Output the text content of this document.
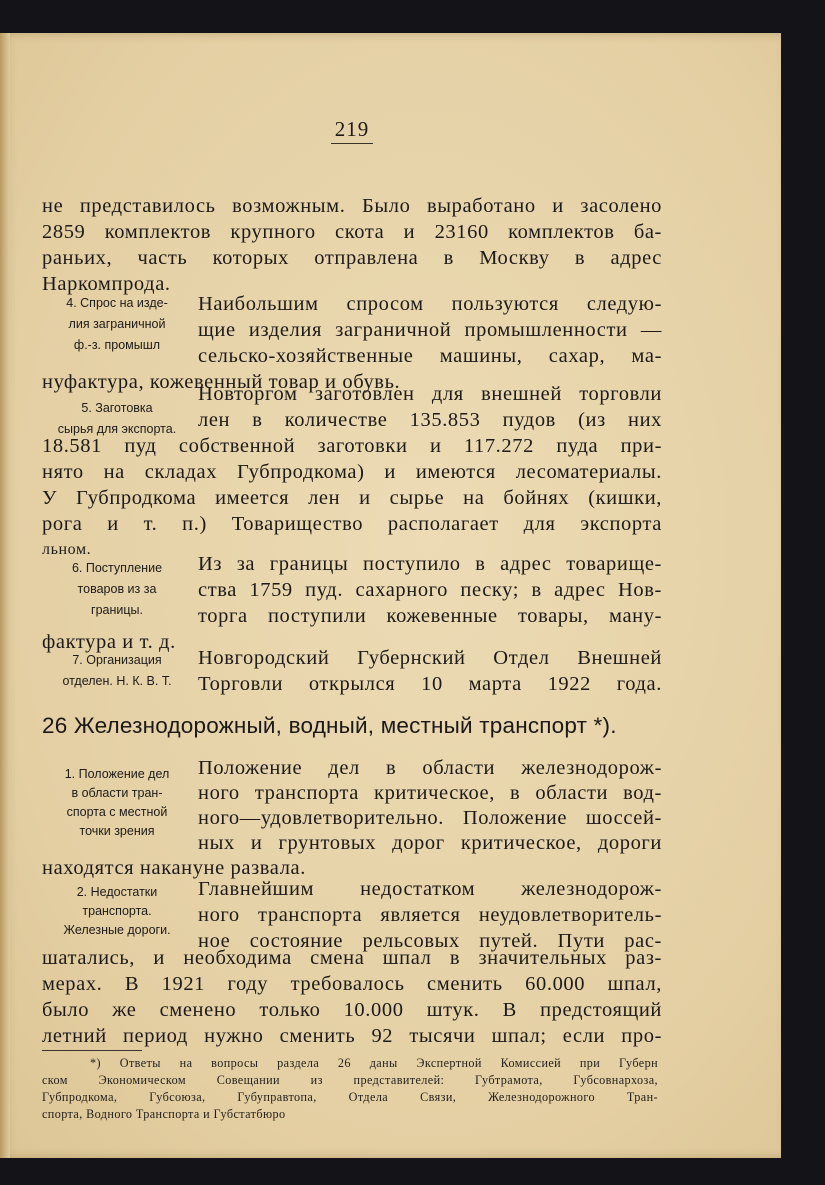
219
не представилось возможным. Было выработано и засолено
2859 комплектов крупного скота и 23160 комплектов ба-
раньих, часть которых отправлена в Москву в адрес
Наркомпрода.
4. Спрос на изде-
лия заграничной
ф.-з. промышл
Наибольшим спросом пользуются следую-
щие изделия заграничной промышленности —
сельско-хозяйственные машины, сахар, ма-
нуфактура, кожевенный товар и обувь.
5. Заготовка
сырья для экспорта.
Новторгом заготовлен для внешней торговли
лен в количестве 135.853 пудов (из них
18.581 пуд собственной заготовки и 117.272 пуда при-
нято на складах Губпродкома) и имеются лесоматериалы.
У Губпродкома имеется лен и сырье на бойнях (кишки,
рога и т. п.) Товарищество располагает для экспорта
льном.
6. Поступление
товаров из за
границы.
Из за границы поступило в адрес товарище-
ства 1759 пуд. сахарного песку; в адрес Нов-
торга поступили кожевенные товары, ману-
фактура и т. д.
7. Организация
отделен. Н. К. В. Т.
Новгородский Губернский Отдел Внешней
Торговли открылся 10 марта 1922 года.
26 Железнодорожный, водный, местный транспорт *).
1. Положение дел
в области тран-
спорта с местной
точки зрения
Положение дел в области железнодорож-
ного транспорта критическое, в области вод-
ного—удовлетворительно. Положение шоссей-
ных и грунтовых дорог критическое, дороги
находятся накануне развала.
2. Недостатки
транспорта.
Железные дороги.
Главнейшим недостатком железнодорож-
ного транспорта является неудовлетворитель-
ное состояние рельсовых путей. Пути рас-
шатались, и необходима смена шпал в значительных раз-
мерах. В 1921 году требовалось сменить 60.000 шпал,
было же сменено только 10.000 штук. В предстоящий
летний период нужно сменить 92 тысячи шпал; если про-
*) Ответы на вопросы раздела 26 даны Экспертной Комиссией при Губерн
ском Экономическом Совещании из представителей: Губтрамота, Губсовнархоза,
Губпродкома, Губсоюза, Губуправтопа, Отдела Связи, Железнодорожного Тран-
спорта, Водного Транспорта и Губстатбюро
